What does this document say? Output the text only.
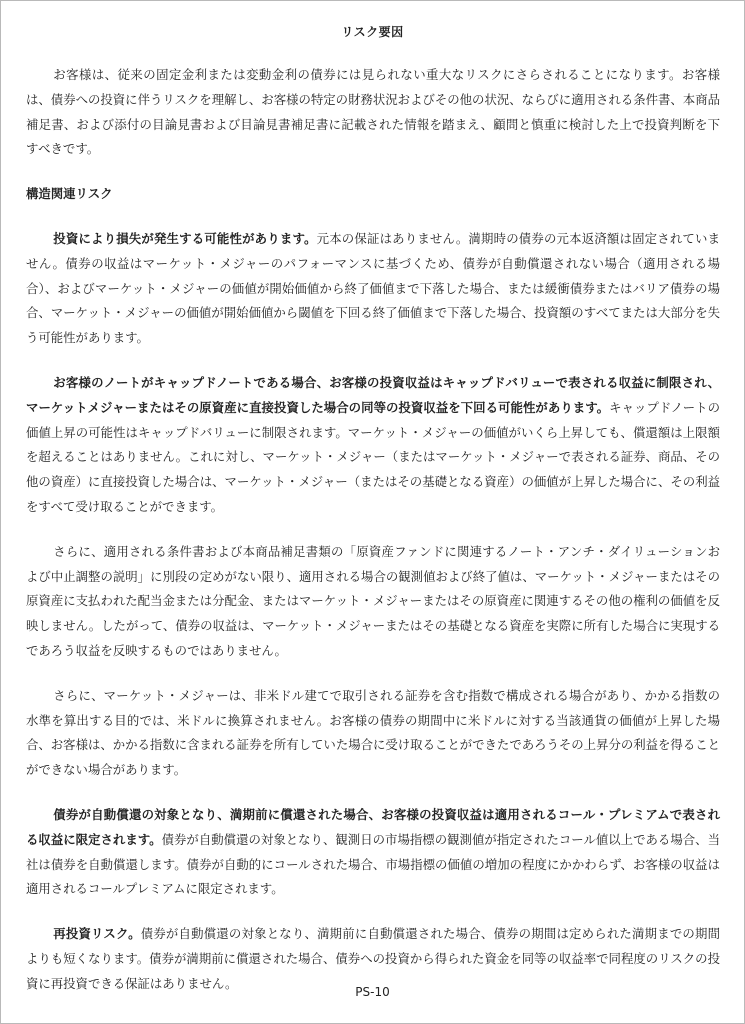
リスク要因

お客様は、従来の固定金利または変動金利の債券には見られない重大なリスクにさらされることになります。お客様は、債券への投資に伴うリスクを理解し、お客様の特定の財務状況およびその他の状況、ならびに適用される条件書、本商品補足書、および添付の目論見書および目論見書補足書に記載された情報を踏まえ、顧問と慎重に検討した上で投資判断を下すべきです。

構造関連リスク

投資により損失が発生する可能性があります。元本の保証はありません。満期時の債券の元本返済額は固定されていません。債券の収益はマーケット・メジャーのパフォーマンスに基づくため、債券が自動償還されない場合（適用される場合）、およびマーケット・メジャーの価値が開始価値から終了価値まで下落した場合、または緩衝債券またはバリア債券の場合、マーケット・メジャーの価値が開始価値から閾値を下回る終了価値まで下落した場合、投資額のすべてまたは大部分を失う可能性があります。

お客様のノートがキャップドノートである場合、お客様の投資収益はキャップドバリューで表される収益に制限され、マーケットメジャーまたはその原資産に直接投資した場合の同等の投資収益を下回る可能性があります。キャップドノートの価値上昇の可能性はキャップドバリューに制限されます。マーケット・メジャーの価値がいくら上昇しても、償還額は上限額を超えることはありません。これに対し、マーケット・メジャー（またはマーケット・メジャーで表される証券、商品、その他の資産）に直接投資した場合は、マーケット・メジャー（またはその基礎となる資産）の価値が上昇した場合に、その利益をすべて受け取ることができます。

さらに、適用される条件書および本商品補足書類の「原資産ファンドに関連するノート・アンチ・ダイリューションおよび中止調整の説明」に別段の定めがない限り、適用される場合の観測値および終了値は、マーケット・メジャーまたはその原資産に支払われた配当金または分配金、またはマーケット・メジャーまたはその原資産に関連するその他の権利の価値を反映しません。したがって、債券の収益は、マーケット・メジャーまたはその基礎となる資産を実際に所有した場合に実現するであろう収益を反映するものではありません。

さらに、マーケット・メジャーは、非米ドル建てで取引される証券を含む指数で構成される場合があり、かかる指数の水準を算出する目的では、米ドルに換算されません。お客様の債券の期間中に米ドルに対する当該通貨の価値が上昇した場合、お客様は、かかる指数に含まれる証券を所有していた場合に受け取ることができたであろうその上昇分の利益を得ることができない場合があります。

債券が自動償還の対象となり、満期前に償還された場合、お客様の投資収益は適用されるコール・プレミアムで表される収益に限定されます。債券が自動償還の対象となり、観測日の市場指標の観測値が指定されたコール値以上である場合、当社は債券を自動償還します。債券が自動的にコールされた場合、市場指標の価値の増加の程度にかかわらず、お客様の収益は適用されるコールプレミアムに限定されます。

再投資リスク。債券が自動償還の対象となり、満期前に自動償還された場合、債券の期間は定められた満期までの期間よりも短くなります。債券が満期前に償還された場合、債券への投資から得られた資金を同等の収益率で同程度のリスクの投資に再投資できる保証はありません。

PS-10
